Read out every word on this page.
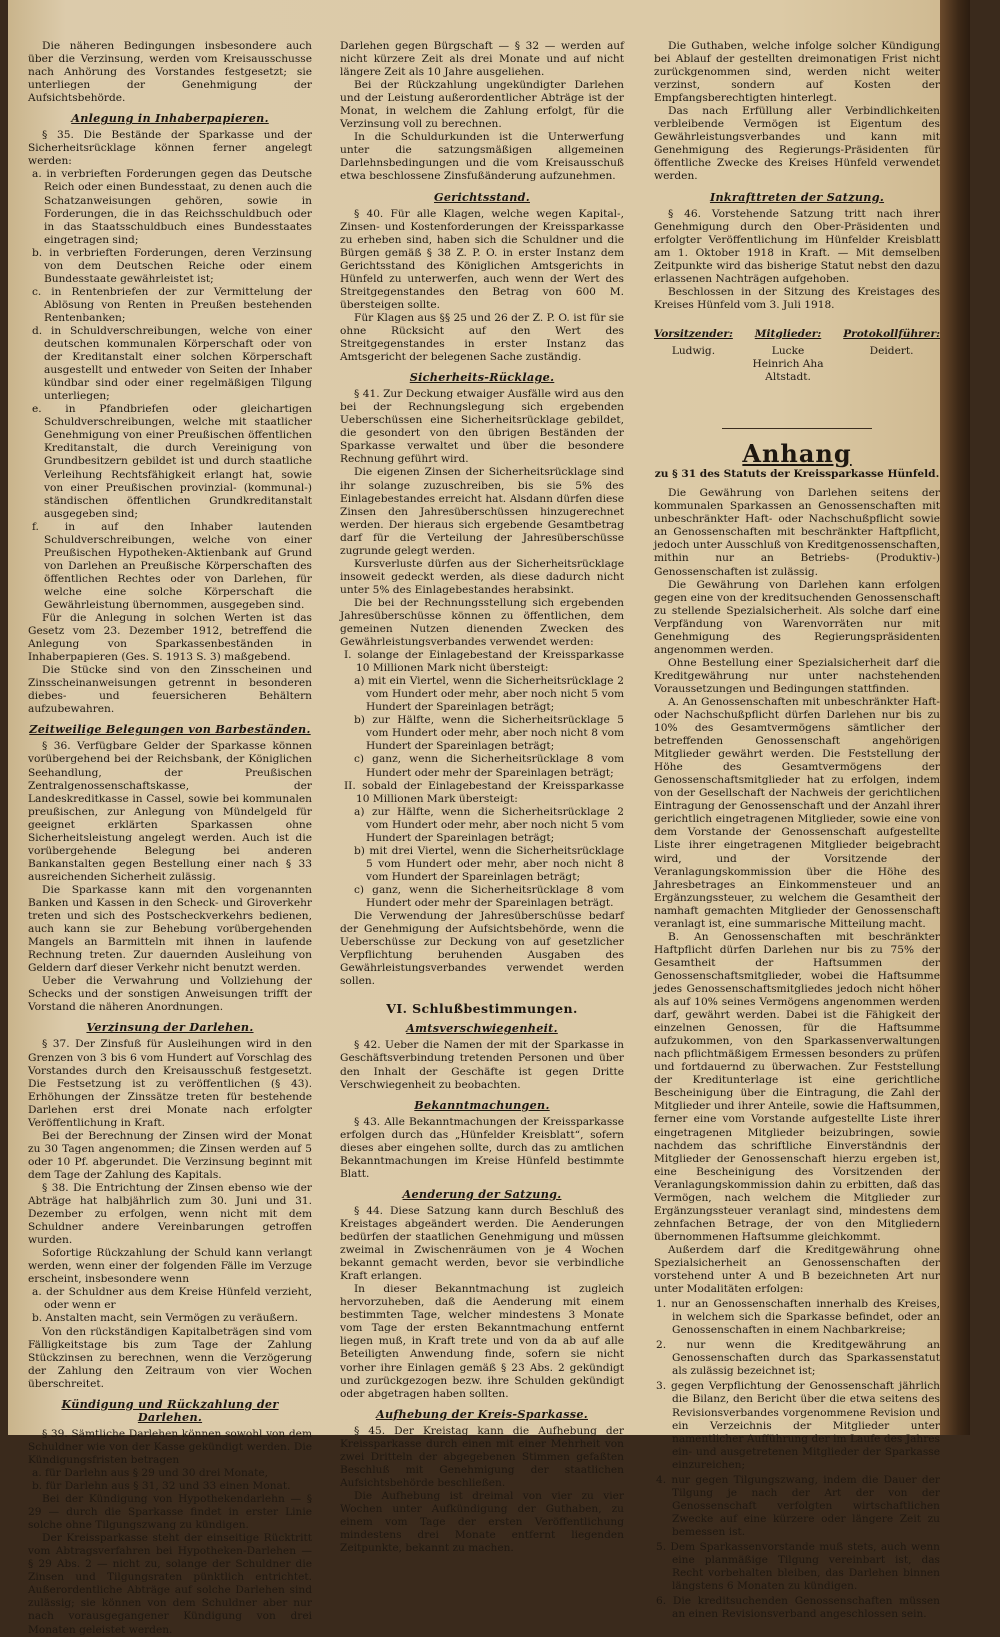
Die näheren Bedingungen insbesondere auch über die Verzinsung, werden vom Kreisausschusse nach Anhörung des Vorstandes festgesetzt; sie unterliegen der Genehmigung der Aufsichtsbehörde.

Anlegung in Inhaberpapieren.

§ 35. Die Bestände der Sparkasse und der Sicherheitsrücklage können ferner angelegt werden:

a. in verbrieften Forderungen gegen das Deutsche Reich oder einen Bundesstaat, zu denen auch die Schatzanweisungen gehören, sowie in Forderungen, die in das Reichsschuldbuch oder in das Staatsschuldbuch eines Bundesstaates eingetragen sind;

b. in verbrieften Forderungen, deren Verzinsung von dem Deutschen Reiche oder einem Bundesstaate gewährleistet ist;

c. in Rentenbriefen der zur Vermittelung der Ablösung von Renten in Preußen bestehenden Rentenbanken;

d. in Schuldverschreibungen, welche von einer deutschen kommunalen Körperschaft oder von der Kreditanstalt einer solchen Körperschaft ausgestellt und entweder von Seiten der Inhaber kündbar sind oder einer regelmäßigen Tilgung unterliegen;

e. in Pfandbriefen oder gleichartigen Schuldverschreibungen, welche mit staatlicher Genehmigung von einer Preußischen öffentlichen Kreditanstalt, die durch Vereinigung von Grundbesitzern gebildet ist und durch staatliche Verleihung Rechtsfähigkeit erlangt hat, sowie von einer Preußischen provinzial- (kommunal-) ständischen öffentlichen Grundkreditanstalt ausgegeben sind;

f. in auf den Inhaber lautenden Schuldverschreibungen, welche von einer Preußischen Hypotheken-Aktienbank auf Grund von Darlehen an Preußische Körperschaften des öffentlichen Rechtes oder von Darlehen, für welche eine solche Körperschaft die Gewährleistung übernommen, ausgegeben sind.

Für die Anlegung in solchen Werten ist das Gesetz vom 23. Dezember 1912, betreffend die Anlegung von Sparkassenbeständen in Inhaberpapieren (Ges. S. 1913 S. 3) maßgebend.

Die Stücke sind von den Zinsscheinen und Zinsscheinanweisungen getrennt in besonderen diebes- und feuersicheren Behältern aufzubewahren.

Zeitweilige Belegungen von Barbeständen.

§ 36. Verfügbare Gelder der Sparkasse können vorübergehend bei der Reichsbank, der Königlichen Seehandlung, der Preußischen Zentralgenossenschaftskasse, der Landeskreditkasse in Cassel, sowie bei kommunalen preußischen, zur Anlegung von Mündelgeld für geeignet erklärten Sparkassen ohne Sicherheitsleistung angelegt werden. Auch ist die vorübergehende Belegung bei anderen Bankanstalten gegen Bestellung einer nach § 33 ausreichenden Sicherheit zulässig.

Die Sparkasse kann mit den vorgenannten Banken und Kassen in den Scheck- und Giroverkehr treten und sich des Postscheckverkehrs bedienen, auch kann sie zur Behebung vorübergehenden Mangels an Barmitteln mit ihnen in laufende Rechnung treten. Zur dauernden Ausleihung von Geldern darf dieser Verkehr nicht benutzt werden.

Ueber die Verwahrung und Vollziehung der Schecks und der sonstigen Anweisungen trifft der Vorstand die näheren Anordnungen.

Verzinsung der Darlehen.

§ 37. Der Zinsfuß für Ausleihungen wird in den Grenzen von 3 bis 6 vom Hundert auf Vorschlag des Vorstandes durch den Kreisausschuß festgesetzt. Die Festsetzung ist zu veröffentlichen (§ 43). Erhöhungen der Zinssätze treten für bestehende Darlehen erst drei Monate nach erfolgter Veröffentlichung in Kraft.

Bei der Berechnung der Zinsen wird der Monat zu 30 Tagen angenommen; die Zinsen werden auf 5 oder 10 Pf. abgerundet. Die Verzinsung beginnt mit dem Tage der Zahlung des Kapitals.

§ 38. Die Entrichtung der Zinsen ebenso wie der Abträge hat halbjährlich zum 30. Juni und 31. Dezember zu erfolgen, wenn nicht mit dem Schuldner andere Vereinbarungen getroffen wurden.

Sofortige Rückzahlung der Schuld kann verlangt werden, wenn einer der folgenden Fälle im Verzuge erscheint, insbesondere wenn

a. der Schuldner aus dem Kreise Hünfeld verzieht, oder wenn er

b. Anstalten macht, sein Vermögen zu veräußern.

Von den rückständigen Kapitalbeträgen sind vom Fälligkeitstage bis zum Tage der Zahlung Stückzinsen zu berechnen, wenn die Verzögerung der Zahlung den Zeitraum von vier Wochen überschreitet.

Kündigung und Rückzahlung der Darlehen.

§ 39. Sämtliche Darlehen können sowohl von dem Schuldner wie von der Kasse gekündigt werden. Die Kündigungsfristen betragen

a. für Darlehn aus § 29 und 30 drei Monate,

b. für Darlehn aus § 31, 32 und 33 einen Monat.

Bei der Kündigung von Hypothekendarlehn — § 29 — durch die Sparkasse findet in erster Linie solche ohne Tilgungszwang zu kündigen.

Der Kreissparkasse steht der einseitige Rücktritt vom Abtragsverfahren bei Hypotheken-Darlehen — § 29 Abs. 2 — nicht zu, solange der Schuldner die Zinsen und Tilgungsraten pünktlich entrichtet. Außerordentliche Abträge auf solche Darlehen sind zulässig; sie können von dem Schuldner aber nur nach vorausgegangener Kündigung von drei Monaten geleistet werden.

Darlehen gegen Bürgschaft — § 32 — werden auf nicht kürzere Zeit als drei Monate und auf nicht längere Zeit als 10 Jahre ausgeliehen.

Bei der Rückzahlung ungekündigter Darlehen und der Leistung außerordentlicher Abträge ist der Monat, in welchem die Zahlung erfolgt, für die Verzinsung voll zu berechnen.

In die Schuldurkunden ist die Unterwerfung unter die satzungsmäßigen allgemeinen Darlehnsbedingungen und die vom Kreisausschuß etwa beschlossene Zinsfußänderung aufzunehmen.

Gerichtsstand.

§ 40. Für alle Klagen, welche wegen Kapital-, Zinsen- und Kostenforderungen der Kreissparkasse zu erheben sind, haben sich die Schuldner und die Bürgen gemäß § 38 Z. P. O. in erster Instanz dem Gerichtsstand des Königlichen Amtsgerichts in Hünfeld zu unterwerfen, auch wenn der Wert des Streitgegenstandes den Betrag von 600 M. übersteigen sollte.

Für Klagen aus §§ 25 und 26 der Z. P. O. ist für sie ohne Rücksicht auf den Wert des Streitgegenstandes in erster Instanz das Amtsgericht der belegenen Sache zuständig.

Sicherheits-Rücklage.

§ 41. Zur Deckung etwaiger Ausfälle wird aus den bei der Rechnungslegung sich ergebenden Ueberschüssen eine Sicherheitsrücklage gebildet, die gesondert von den übrigen Beständen der Sparkasse verwaltet und über die besondere Rechnung geführt wird.

Die eigenen Zinsen der Sicherheitsrücklage sind ihr solange zuzuschreiben, bis sie 5% des Einlagebestandes erreicht hat. Alsdann dürfen diese Zinsen den Jahresüberschüssen hinzugerechnet werden. Der hieraus sich ergebende Gesamtbetrag darf für die Verteilung der Jahresüberschüsse zugrunde gelegt werden.

Kursverluste dürfen aus der Sicherheitsrücklage insoweit gedeckt werden, als diese dadurch nicht unter 5% des Einlagebestandes herabsinkt.

Die bei der Rechnungsstellung sich ergebenden Jahresüberschüsse können zu öffentlichen, dem gemeinen Nutzen dienenden Zwecken des Gewährleistungsverbandes verwendet werden:

I. solange der Einlagebestand der Kreissparkasse 10 Millionen Mark nicht übersteigt:

a) mit ein Viertel, wenn die Sicherheitsrücklage 2 vom Hundert oder mehr, aber noch nicht 5 vom Hundert der Spareinlagen beträgt;

b) zur Hälfte, wenn die Sicherheitsrücklage 5 vom Hundert oder mehr, aber noch nicht 8 vom Hundert der Spareinlagen beträgt;

c) ganz, wenn die Sicherheitsrücklage 8 vom Hundert oder mehr der Spareinlagen beträgt;

II. sobald der Einlagebestand der Kreissparkasse 10 Millionen Mark übersteigt:

a) zur Hälfte, wenn die Sicherheitsrücklage 2 vom Hundert oder mehr, aber noch nicht 5 vom Hundert der Spareinlagen beträgt;

b) mit drei Viertel, wenn die Sicherheitsrücklage 5 vom Hundert oder mehr, aber noch nicht 8 vom Hundert der Spareinlagen beträgt;

c) ganz, wenn die Sicherheitsrücklage 8 vom Hundert oder mehr der Spareinlagen beträgt.

Die Verwendung der Jahresüberschüsse bedarf der Genehmigung der Aufsichtsbehörde, wenn die Ueberschüsse zur Deckung von auf gesetzlicher Verpflichtung beruhenden Ausgaben des Gewährleistungsverbandes verwendet werden sollen.

VI. Schlußbestimmungen.
Amtsverschwiegenheit.

§ 42. Ueber die Namen der mit der Sparkasse in Geschäftsverbindung tretenden Personen und über den Inhalt der Geschäfte ist gegen Dritte Verschwiegenheit zu beobachten.

Bekanntmachungen.

§ 43. Alle Bekanntmachungen der Kreissparkasse erfolgen durch das „Hünfelder Kreisblatt“, sofern dieses aber eingehen sollte, durch das zu amtlichen Bekanntmachungen im Kreise Hünfeld bestimmte Blatt.

Aenderung der Satzung.

§ 44. Diese Satzung kann durch Beschluß des Kreistages abgeändert werden. Die Aenderungen bedürfen der staatlichen Genehmigung und müssen zweimal in Zwischenräumen von je 4 Wochen bekannt gemacht werden, bevor sie verbindliche Kraft erlangen.

In dieser Bekanntmachung ist zugleich hervorzuheben, daß die Aenderung mit einem bestimmten Tage, welcher mindestens 3 Monate vom Tage der ersten Bekanntmachung entfernt liegen muß, in Kraft trete und von da ab auf alle Beteiligten Anwendung finde, sofern sie nicht vorher ihre Einlagen gemäß § 23 Abs. 2 gekündigt und zurückgezogen bezw. ihre Schulden gekündigt oder abgetragen haben sollten.

Aufhebung der Kreis-Sparkasse.

§ 45. Der Kreistag kann die Aufhebung der Kreissparkasse durch einen mit einer Mehrheit von zwei Dritteln der abgegebenen Stimmen gefaßten Beschluß mit Genehmigung der staatlichen Aufsichtsbehörde beschließen.

Die Aufhebung ist dreimal von vier zu vier Wochen unter Aufkündigung der Guthaben, zu einem vom Tage der ersten Veröffentlichung mindestens drei Monate entfernt liegenden Zeitpunkte, bekannt zu machen.

Die Guthaben, welche infolge solcher Kündigung bei Ablauf der gestellten dreimonatigen Frist nicht zurückgenommen sind, werden nicht weiter verzinst, sondern auf Kosten der Empfangsberechtigten hinterlegt.

Das nach Erfüllung aller Verbindlichkeiten verbleibende Vermögen ist Eigentum des Gewährleistungsverbandes und kann mit Genehmigung des Regierungs-Präsidenten für öffentliche Zwecke des Kreises Hünfeld verwendet werden.

Inkrafttreten der Satzung.

§ 46. Vorstehende Satzung tritt nach ihrer Genehmigung durch den Ober-Präsidenten und erfolgter Veröffentlichung im Hünfelder Kreisblatt am 1. Oktober 1918 in Kraft. — Mit demselben Zeitpunkte wird das bisherige Statut nebst den dazu erlassenen Nachträgen aufgehoben.

Beschlossen in der Sitzung des Kreistages des Kreises Hünfeld vom 3. Juli 1918.

Vorsitzender:
Ludwig.
Mitglieder:
Lucke
Heinrich Aha
Altstadt.
Protokollführer:
Deidert.
Anhang
zu § 31 des Statuts der Kreissparkasse Hünfeld.

Die Gewährung von Darlehen seitens der kommunalen Sparkassen an Genossenschaften mit unbeschränkter Haft- oder Nachschußpflicht sowie an Genossenschaften mit beschränkter Haftpflicht, jedoch unter Ausschluß von Kreditgenossenschaften, mithin nur an Betriebs- (Produktiv-) Genossenschaften ist zulässig.

Die Gewährung von Darlehen kann erfolgen gegen eine von der kreditsuchenden Genossenschaft zu stellende Spezialsicherheit. Als solche darf eine Verpfändung von Warenvorräten nur mit Genehmigung des Regierungspräsidenten angenommen werden.

Ohne Bestellung einer Spezialsicherheit darf die Kreditgewährung nur unter nachstehenden Voraussetzungen und Bedingungen stattfinden.

A. An Genossenschaften mit unbeschränkter Haft- oder Nachschußpflicht dürfen Darlehen nur bis zu 10% des Gesamtvermögens sämtlicher der betreffenden Genossenschaft angehörigen Mitglieder gewährt werden. Die Feststellung der Höhe des Gesamtvermögens der Genossenschaftsmitglieder hat zu erfolgen, indem von der Gesellschaft der Nachweis der gerichtlichen Eintragung der Genossenschaft und der Anzahl ihrer gerichtlich eingetragenen Mitglieder, sowie eine von dem Vorstande der Genossenschaft aufgestellte Liste ihrer eingetragenen Mitglieder beigebracht wird, und der Vorsitzende der Veranlagungskommission über die Höhe des Jahresbetrages an Einkommensteuer und an Ergänzungssteuer, zu welchem die Gesamtheit der namhaft gemachten Mitglieder der Genossenschaft veranlagt ist, eine summarische Mitteilung macht.

B. An Genossenschaften mit beschränkter Haftpflicht dürfen Darlehen nur bis zu 75% der Gesamtheit der Haftsummen der Genossenschaftsmitglieder, wobei die Haftsumme jedes Genossenschaftsmitgliedes jedoch nicht höher als auf 10% seines Vermögens angenommen werden darf, gewährt werden. Dabei ist die Fähigkeit der einzelnen Genossen, für die Haftsumme aufzukommen, von den Sparkassenverwaltungen nach pflichtmäßigem Ermessen besonders zu prüfen und fortdauernd zu überwachen. Zur Feststellung der Kreditunterlage ist eine gerichtliche Bescheinigung über die Eintragung, die Zahl der Mitglieder und ihrer Anteile, sowie die Haftsummen, ferner eine vom Vorstande aufgestellte Liste ihrer eingetragenen Mitglieder beizubringen, sowie nachdem das schriftliche Einverständnis der Mitglieder der Genossenschaft hierzu ergeben ist, eine Bescheinigung des Vorsitzenden der Veranlagungskommission dahin zu erbitten, daß das Vermögen, nach welchem die Mitglieder zur Ergänzungssteuer veranlagt sind, mindestens dem zehnfachen Betrage, der von den Mitgliedern übernommenen Haftsumme gleichkommt.

Außerdem darf die Kreditgewährung ohne Spezialsicherheit an Genossenschaften der vorstehend unter A und B bezeichneten Art nur unter Modalitäten erfolgen:

1. nur an Genossenschaften innerhalb des Kreises, in welchem sich die Sparkasse befindet, oder an Genossenschaften in einem Nachbarkreise;

2. nur wenn die Kreditgewährung an Genossenschaften durch das Sparkassenstatut als zulässig bezeichnet ist;

3. gegen Verpflichtung der Genossenschaft jährlich die Bilanz, den Bericht über die etwa seitens des Revisionsverbandes vorgenommene Revision und ein Verzeichnis der Mitglieder unter namentlicher Aufführung der im Laufe des Jahres ein- und ausgetretenen Mitglieder der Sparkasse einzureichen;

4. nur gegen Tilgungszwang, indem die Dauer der Tilgung je nach der Art der von der Genossenschaft verfolgten wirtschaftlichen Zwecke auf eine kürzere oder längere Zeit zu bemessen ist.

5. Dem Sparkassenvorstande muß stets, auch wenn eine planmäßige Tilgung vereinbart ist, das Recht vorbehalten bleiben, das Darlehen binnen längstens 6 Monaten zu kündigen.

6. Die kreditsuchenden Genossenschaften müssen an einen Revisionsverband angeschlossen sein.
